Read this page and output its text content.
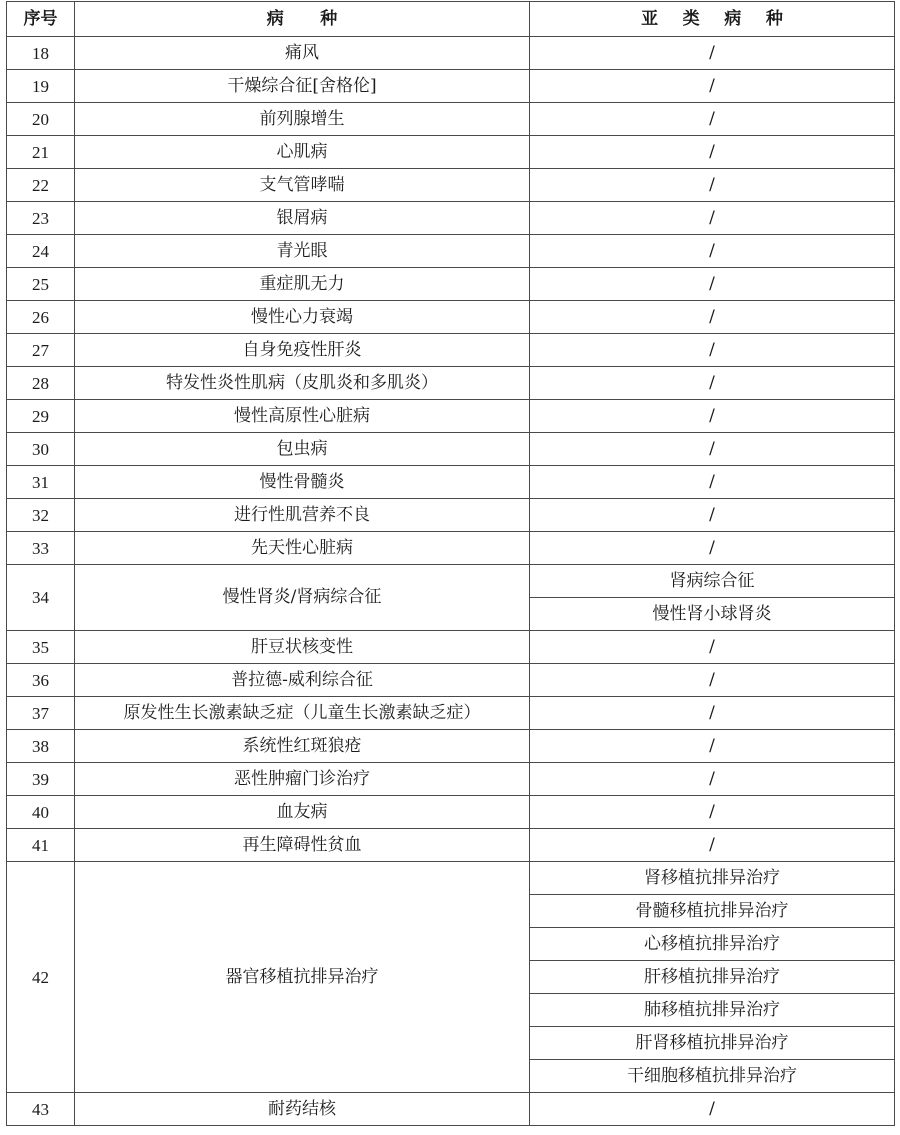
序号	病 种	亚 类 病 种
18	痛风	/
19	干燥综合征[舍格伦]	/
20	前列腺增生	/
21	心肌病	/
22	支气管哮喘	/
23	银屑病	/
24	青光眼	/
25	重症肌无力	/
26	慢性心力衰竭	/
27	自身免疫性肝炎	/
28	特发性炎性肌病（皮肌炎和多肌炎）	/
29	慢性高原性心脏病	/
30	包虫病	/
31	慢性骨髓炎	/
32	进行性肌营养不良	/
33	先天性心脏病	/
34	慢性肾炎/肾病综合征	肾病综合征
		慢性肾小球肾炎
35	肝豆状核变性	/
36	普拉德-威利综合征	/
37	原发性生长激素缺乏症（儿童生长激素缺乏症）	/
38	系统性红斑狼疮	/
39	恶性肿瘤门诊治疗	/
40	血友病	/
41	再生障碍性贫血	/
42	器官移植抗排异治疗	肾移植抗排异治疗
		骨髓移植抗排异治疗
		心移植抗排异治疗
		肝移植抗排异治疗
		肺移植抗排异治疗
		肝肾移植抗排异治疗
		干细胞移植抗排异治疗
43	耐药结核	/
